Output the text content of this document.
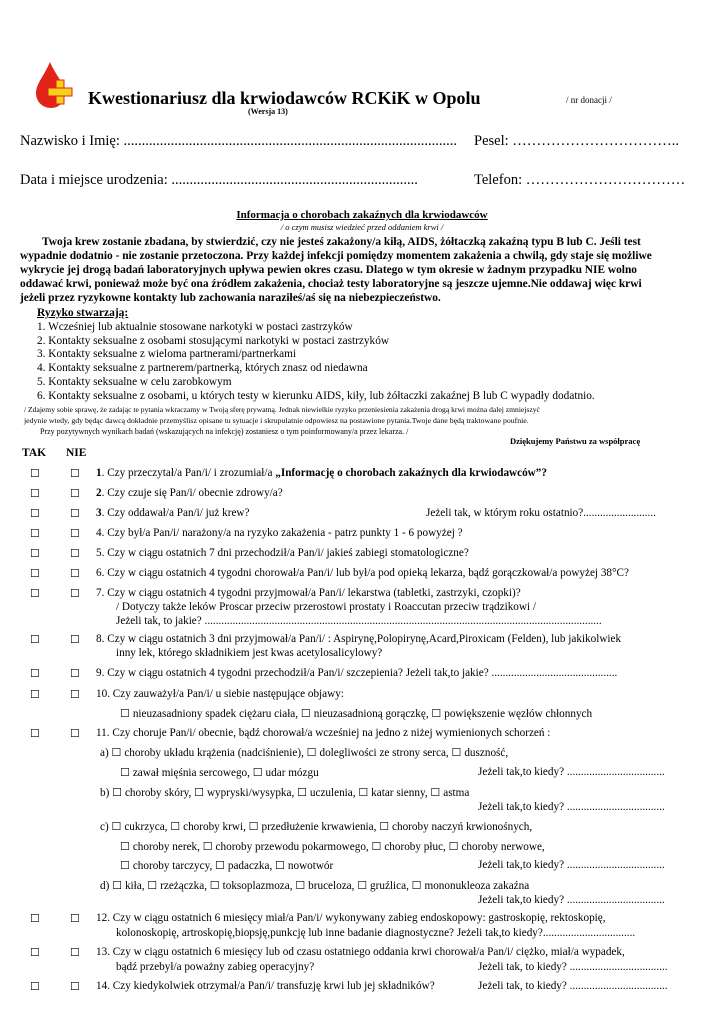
Kwestionariusz dla krwiodawców RCKiK w Opolu
(Wersja 13)
/ nr donacji /
Nazwisko i Imię: ............................................................................................ Pesel: ……………………………..
Data i miejsce urodzenia: ....................................................................	Telefon: ……………………………
Informacja o chorobach zakaźnych dla krwiodawców
/ o czym musisz wiedzieć przed oddaniem krwi /
Twoja krew zostanie zbadana, by stwierdzić, czy nie jesteś zakażony/a kiłą, AIDS, żółtaczką zakaźną typu B lub C. Jeśli test
wypadnie dodatnio - nie zostanie przetoczona. Przy każdej infekcji pomiędzy momentem zakażenia a chwilą, gdy staje się możliwe
wykrycie jej drogą badań laboratoryjnych upływa pewien okres czasu. Dlatego w tym okresie w żadnym przypadku NIE wolno
oddawać krwi, ponieważ może być ona źródłem zakażenia, chociaż testy laboratoryjne są jeszcze ujemne.Nie oddawaj więc krwi
jeżeli przez ryzykowne kontakty lub zachowania naraziłeś/aś się na niebezpieczeństwo.
Ryzyko stwarzają:
1. Wcześniej lub aktualnie stosowane narkotyki w postaci zastrzyków
2. Kontakty seksualne z osobami stosującymi narkotyki w postaci zastrzyków
3. Kontakty seksualne z wieloma partnerami/partnerkami
4. Kontakty seksualne z partnerem/partnerką, których znasz od niedawna
5. Kontakty seksualne w celu zarobkowym
6. Kontakty seksualne z osobami, u których testy w kierunku AIDS, kiły, lub żółtaczki zakaźnej B lub C wypadły dodatnio.
/ Zdajemy sobie sprawę, że zadając te pytania wkraczamy w Twoją sferę prywatną. Jednak niewielkie ryzyko przeniesienia zakażenia drogą krwi można dalej zmniejszyć
jedynie wtedy, gdy będąc dawcą dokładnie przemyślisz opisane tu sytuacje i skrupulatnie odpowiesz na postawione pytania.Twoje dane będą traktowane poufnie.
Przy pozytywnych wynikach badań (wskazujących na infekcję) zostaniesz o tym poinformowany/a przez lekarza. /
Dziękujemy Państwu za współpracę
TAK NIE
☐	☐ 1. Czy przeczytał/a Pan/i/ i zrozumiał/a „Informację o chorobach zakaźnych dla krwiodawców”?
☐	☐ 2. Czy czuje się Pan/i/ obecnie zdrowy/a?
☐	☐ 3. Czy oddawał/a Pan/i/ już krew?	Jeżeli tak, w którym roku ostatnio?..........................
☐	☐ 4. Czy był/a Pan/i/ narażony/a na ryzyko zakażenia - patrz punkty 1 - 6 powyżej ?
☐	☐ 5. Czy w ciągu ostatnich 7 dni przechodził/a Pan/i/ jakieś zabiegi stomatologiczne?
☐	☐ 6. Czy w ciągu ostatnich 4 tygodni chorował/a Pan/i/ lub był/a pod opieką lekarza, bądź gorączkował/a powyżej 38°C?
☐	☐ 7. Czy w ciągu ostatnich 4 tygodni przyjmował/a Pan/i/ lekarstwa (tabletki, zastrzyki, czopki)?
/ Dotyczy także leków Proscar przeciw przerostowi prostaty i Roaccutan przeciw trądzikowi /
Jeżeli tak, to jakie? ..............................................................................................................................................
☐	☐ 8. Czy w ciągu ostatnich 3 dni przyjmował/a Pan/i/ : Aspirynę,Polopirynę,Acard,Piroxicam (Felden), lub jakikolwiek
inny lek, którego składnikiem jest kwas acetylosalicylowy?
☐	☐ 9. Czy w ciągu ostatnich 4 tygodni przechodził/a Pan/i/ szczepienia? Jeżeli tak,to jakie? .............................................
☐	☐ 10. Czy zauważył/a Pan/i/ u siebie następujące objawy:
☐ nieuzasadniony spadek ciężaru ciała, ☐ nieuzasadnioną gorączkę, ☐ powiększenie węzłów chłonnych
☐	☐ 11. Czy choruje Pan/i/ obecnie, bądź chorował/a wcześniej na jedno z niżej wymienionych schorzeń :
a) ☐ choroby układu krążenia (nadciśnienie), ☐ dolegliwości ze strony serca, ☐ duszność,
☐ zawał mięśnia sercowego, ☐ udar mózgu	Jeżeli tak,to kiedy? ...................................
b) ☐ choroby skóry, ☐ wypryski/wysypka, ☐ uczulenia, ☐ katar sienny, ☐ astma
Jeżeli tak,to kiedy? ...................................
c) ☐ cukrzyca, ☐ choroby krwi, ☐ przedłużenie krwawienia, ☐ choroby naczyń krwionośnych,
☐ choroby nerek, ☐ choroby przewodu pokarmowego, ☐ choroby płuc, ☐ choroby nerwowe,
☐ choroby tarczycy, ☐ padaczka, ☐ nowotwór	Jeżeli tak,to kiedy? ...................................
d) ☐ kiła, ☐ rzeżączka, ☐ toksoplazmoza, ☐ bruceloza, ☐ gruźlica, ☐ mononukleoza zakaźna
Jeżeli tak,to kiedy? ...................................
☐	☐ 12. Czy w ciągu ostatnich 6 miesięcy miał/a Pan/i/ wykonywany zabieg endoskopowy: gastroskopię, rektoskopię,
kolonoskopię, artroskopię,biopsję,punkcję lub inne badanie diagnostyczne? Jeżeli tak,to kiedy?.................................
☐	☐ 13. Czy w ciągu ostatnich 6 miesięcy lub od czasu ostatniego oddania krwi chorował/a Pan/i/ ciężko, miał/a wypadek,
bądź przebył/a poważny zabieg operacyjny?	Jeżeli tak, to kiedy? ...................................
☐	☐ 14. Czy kiedykolwiek otrzymał/a Pan/i/ transfuzję krwi lub jej składników?	Jeżeli tak, to kiedy? ...................................
